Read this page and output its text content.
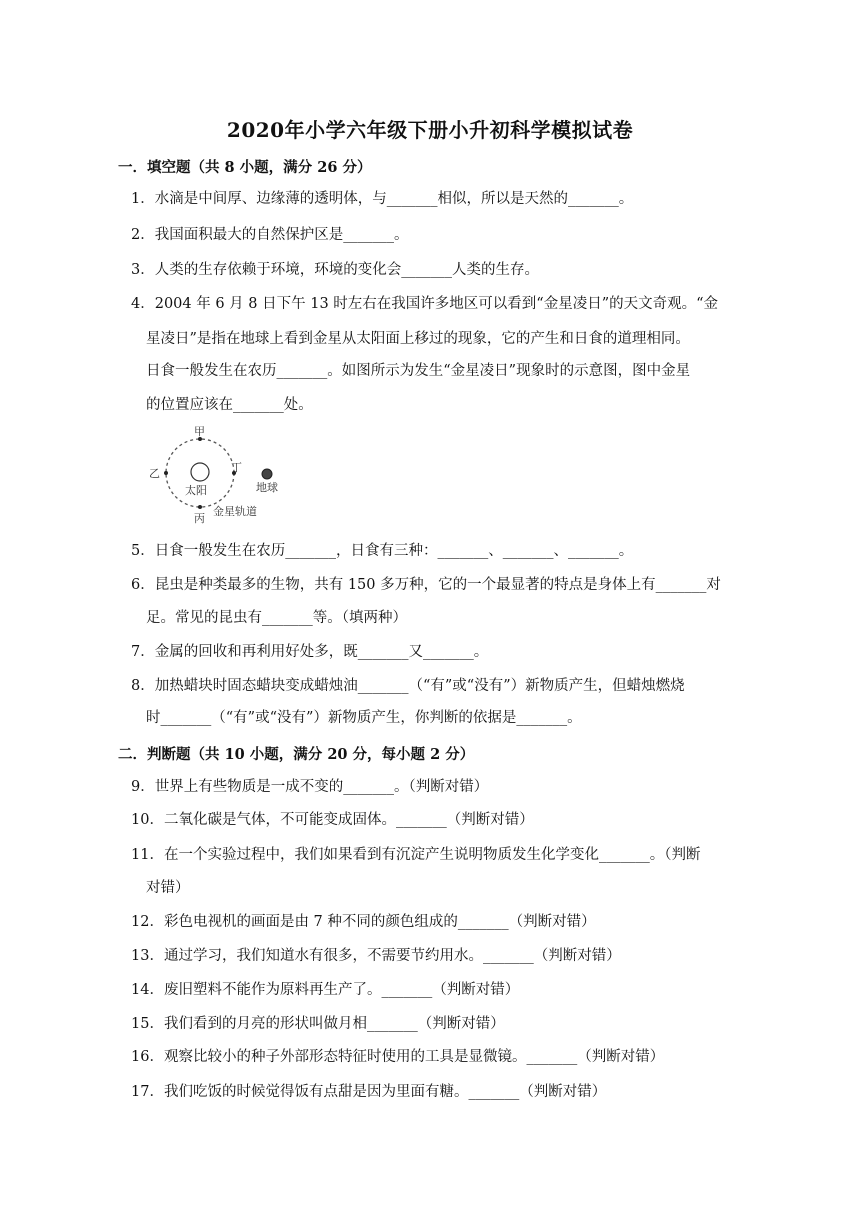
2020年小学六年级下册小升初科学模拟试卷
一．填空题（共 8 小题，满分 26 分）
1．水滴是中间厚、边缘薄的透明体，与_______相似，所以是天然的_______。
2．我国面积最大的自然保护区是_______。
3．人类的生存依赖于环境，环境的变化会_______人类的生存。
4．2004 年 6 月 8 日下午 13 时左右在我国许多地区可以看到“金星凌日”的天文奇观。“金
星凌日”是指在地球上看到金星从太阳面上移过的现象，它的产生和日食的道理相同。
日食一般发生在农历_______。如图所示为发生“金星凌日”现象时的示意图，图中金星
的位置应该在_______处。
甲
乙
丙
丁
太阳	地球
金星轨道
5．日食一般发生在农历_______，日食有三种：_______、_______、_______。
6．昆虫是种类最多的生物，共有 150 多万种，它的一个最显著的特点是身体上有_______对
足。常见的昆虫有_______等。（填两种）
7．金属的回收和再利用好处多，既_______又_______。
8．加热蜡块时固态蜡块变成蜡烛油_______（“有”或“没有”）新物质产生，但蜡烛燃烧
时_______（“有”或“没有”）新物质产生，你判断的依据是_______。
二．判断题（共 10 小题，满分 20 分，每小题 2 分）
9．世界上有些物质是一成不变的_______。（判断对错）
10．二氧化碳是气体，不可能变成固体。_______（判断对错）
11．在一个实验过程中，我们如果看到有沉淀产生说明物质发生化学变化_______。（判断
对错）
12．彩色电视机的画面是由 7 种不同的颜色组成的_______（判断对错）
13．通过学习，我们知道水有很多，不需要节约用水。_______（判断对错）
14．废旧塑料不能作为原料再生产了。_______（判断对错）
15．我们看到的月亮的形状叫做月相_______（判断对错）
16．观察比较小的种子外部形态特征时使用的工具是显微镜。_______（判断对错）
17．我们吃饭的时候觉得饭有点甜是因为里面有糖。_______（判断对错）
